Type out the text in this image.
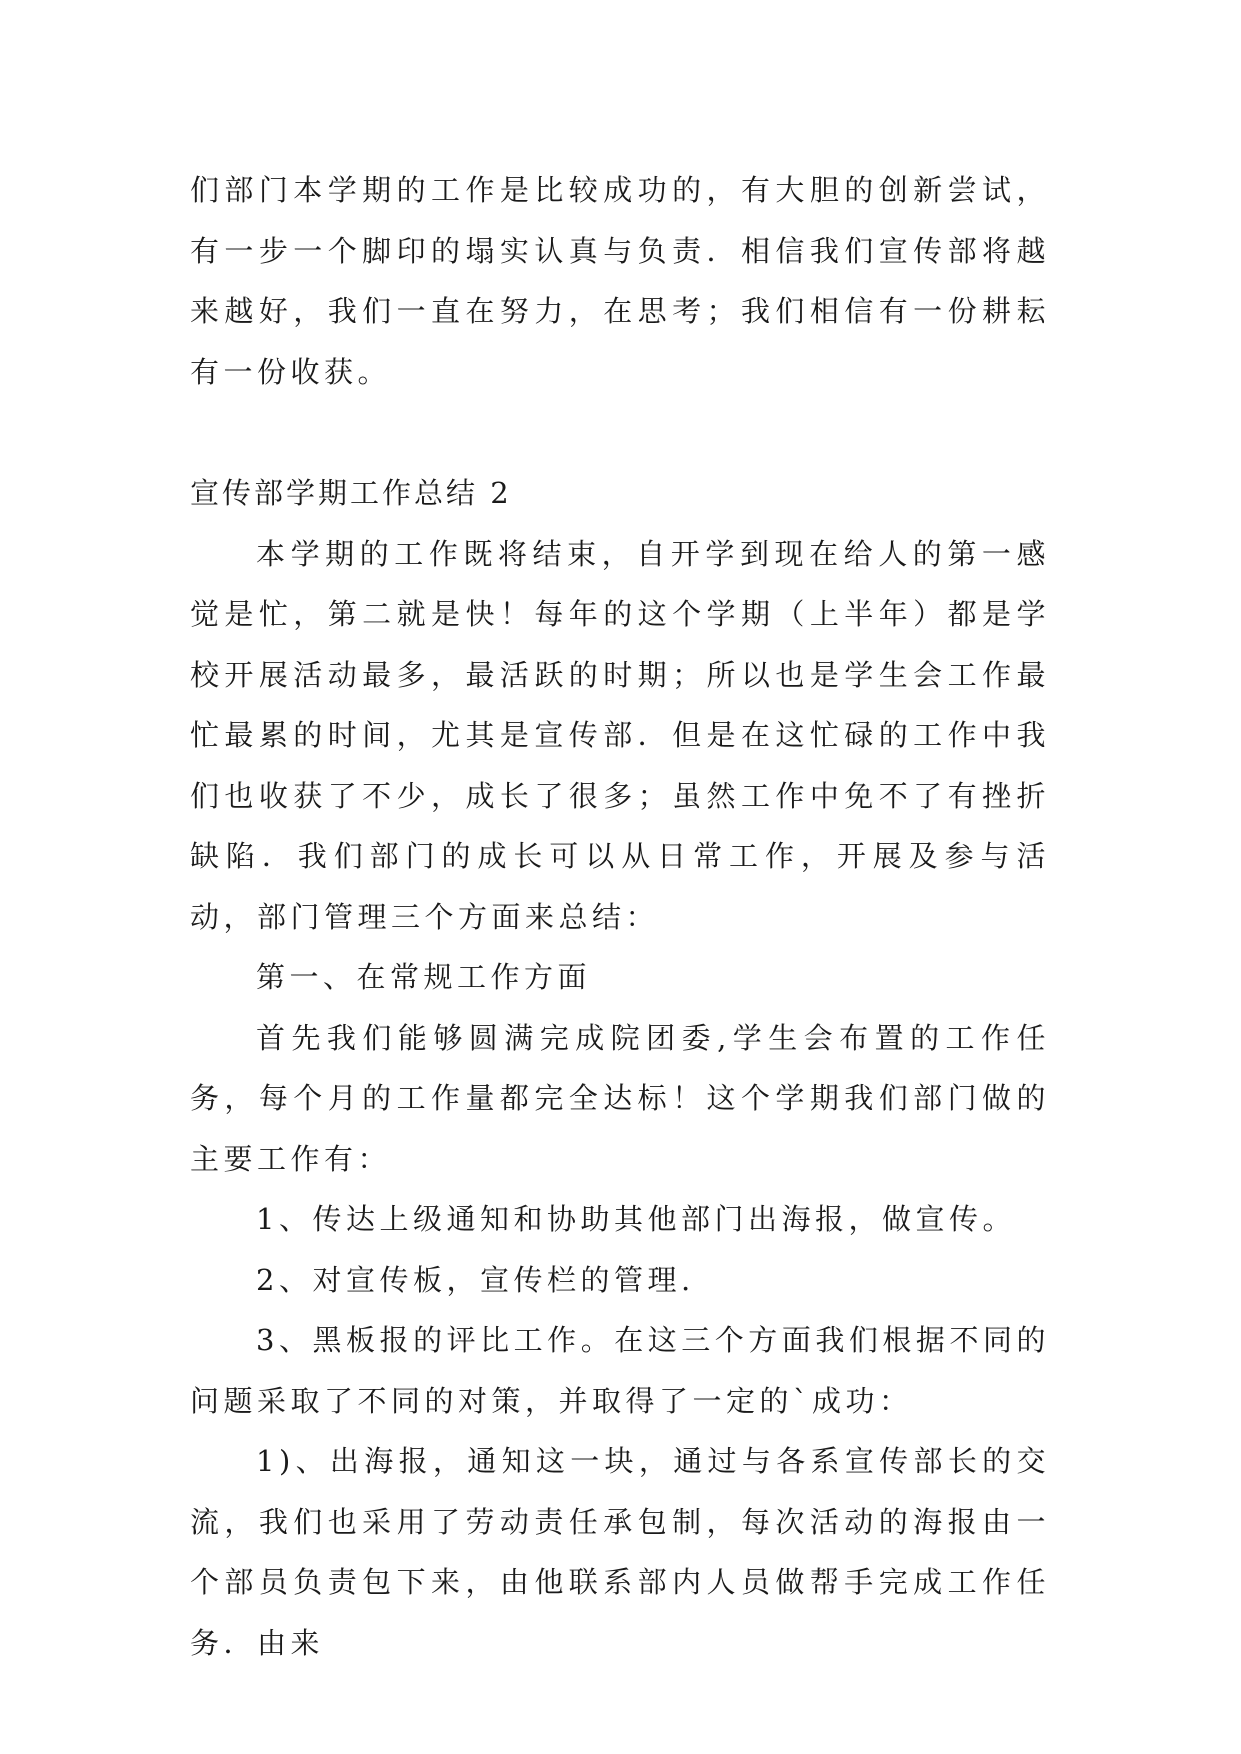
们部门本学期的工作是比较成功的，有大胆的创新尝试，有一步一个脚印的塌实认真与负责．相信我们宣传部将越来越好，我们一直在努力，在思考；我们相信有一份耕耘有一份收获。

宣传部学期工作总结 2

本学期的工作既将结束，自开学到现在给人的第一感觉是忙，第二就是快！每年的这个学期（上半年）都是学校开展活动最多，最活跃的时期；所以也是学生会工作最忙最累的时间，尤其是宣传部．但是在这忙碌的工作中我们也收获了不少，成长了很多；虽然工作中免不了有挫折缺陷．我们部门的成长可以从日常工作，开展及参与活动，部门管理三个方面来总结：

第一、在常规工作方面

首先我们能够圆满完成院团委,学生会布置的工作任务，每个月的工作量都完全达标！这个学期我们部门做的主要工作有：

1、传达上级通知和协助其他部门出海报，做宣传。

2、对宣传板，宣传栏的管理.

3、黑板报的评比工作。在这三个方面我们根据不同的问题采取了不同的对策，并取得了一定的`成功：

1)、出海报，通知这一块，通过与各系宣传部长的交流，我们也采用了劳动责任承包制，每次活动的海报由一个部员负责包下来，由他联系部内人员做帮手完成工作任务．由来
